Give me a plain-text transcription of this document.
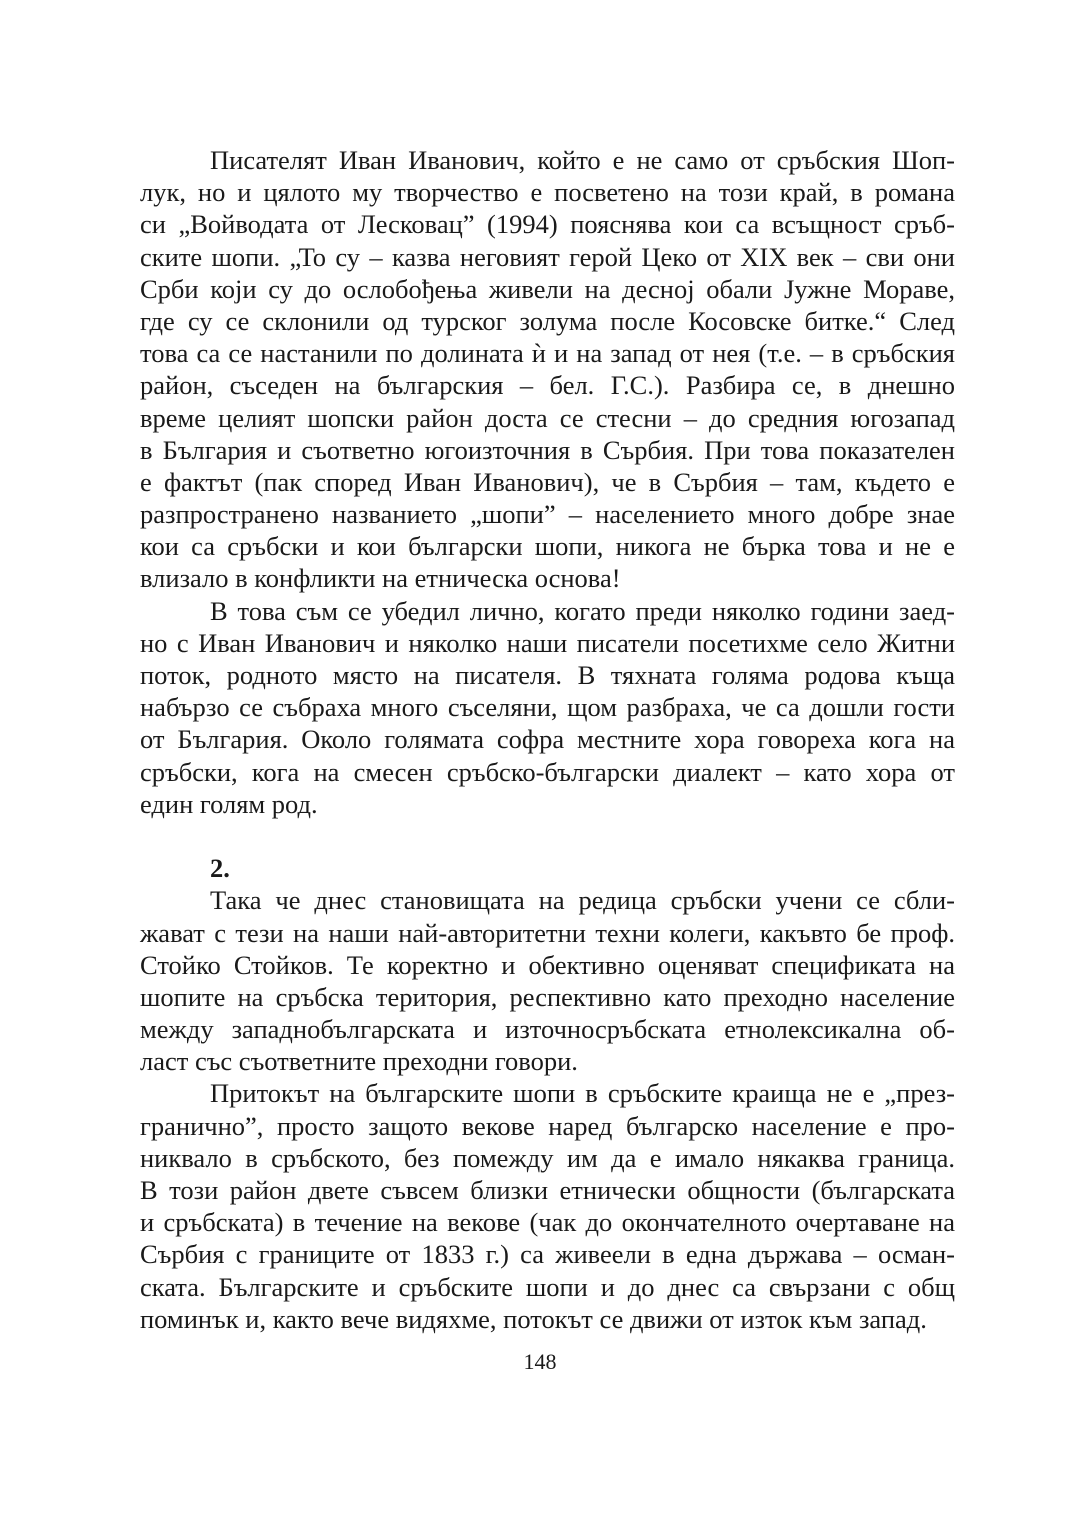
Писателят Иван Иванович, който е не само от сръбския Шоп-
лук, но и цялото му творчество е посветено на този край, в романа
си „Войводата от Лесковац” (1994) пояснява кои са всъщност сръб-
ските шопи. „То су – казва неговият герой Цеко от XIX век – сви они
Срби који су до ослобођења живели на десној обали Јужне Мораве,
где су се склонили од турског золума после Косовске битке.“ След
това са се настанили по долината ѝ и на запад от нея (т.е. – в сръбския
район, съседен на българския – бел. Г.С.). Разбира се, в днешно
време целият шопски район доста се стесни – до средния югозапад
в България и съответно югоизточния в Сърбия. При това показателен
е фактът (пак според Иван Иванович), че в Сърбия – там, където е
разпространено названието „шопи” – населението много добре знае
кои са сръбски и кои български шопи, никога не бърка това и не е
влизало в конфликти на етническа основа!
В това съм се убедил лично, когато преди няколко години заед-
но с Иван Иванович и няколко наши писатели посетихме село Житни
поток, родното място на писателя. В тяхната голяма родова къща
набързо се събраха много съселяни, щом разбраха, че са дошли гости
от България. Около голямата софра местните хора говореха кога на
сръбски, кога на смесен сръбско-български диалект – като хора от
един голям род.
2.
Така че днес становищата на редица сръбски учени се сбли-
жават с тези на наши най-авторитетни техни колеги, какъвто бе проф.
Стойко Стойков. Те коректно и обективно оценяват спецификата на
шопите на сръбска територия, респективно като преходно население
между западнобългарската и източносръбската етнолексикална об-
ласт със съответните преходни говори.
Притокът на българските шопи в сръбските краища не е „през-
гранично”, просто защото векове наред българско население е про-
никвало в сръбското, без помежду им да е имало някаква граница.
В този район двете съвсем близки етнически общности (българската
и сръбската) в течение на векове (чак до окончателното очертаване на
Сърбия с границите от 1833 г.) са живеели в една държава – осман-
ската. Българските и сръбските шопи и до днес са свързани с общ
поминък и, както вече видяхме, потокът се движи от изток към запад.
148
